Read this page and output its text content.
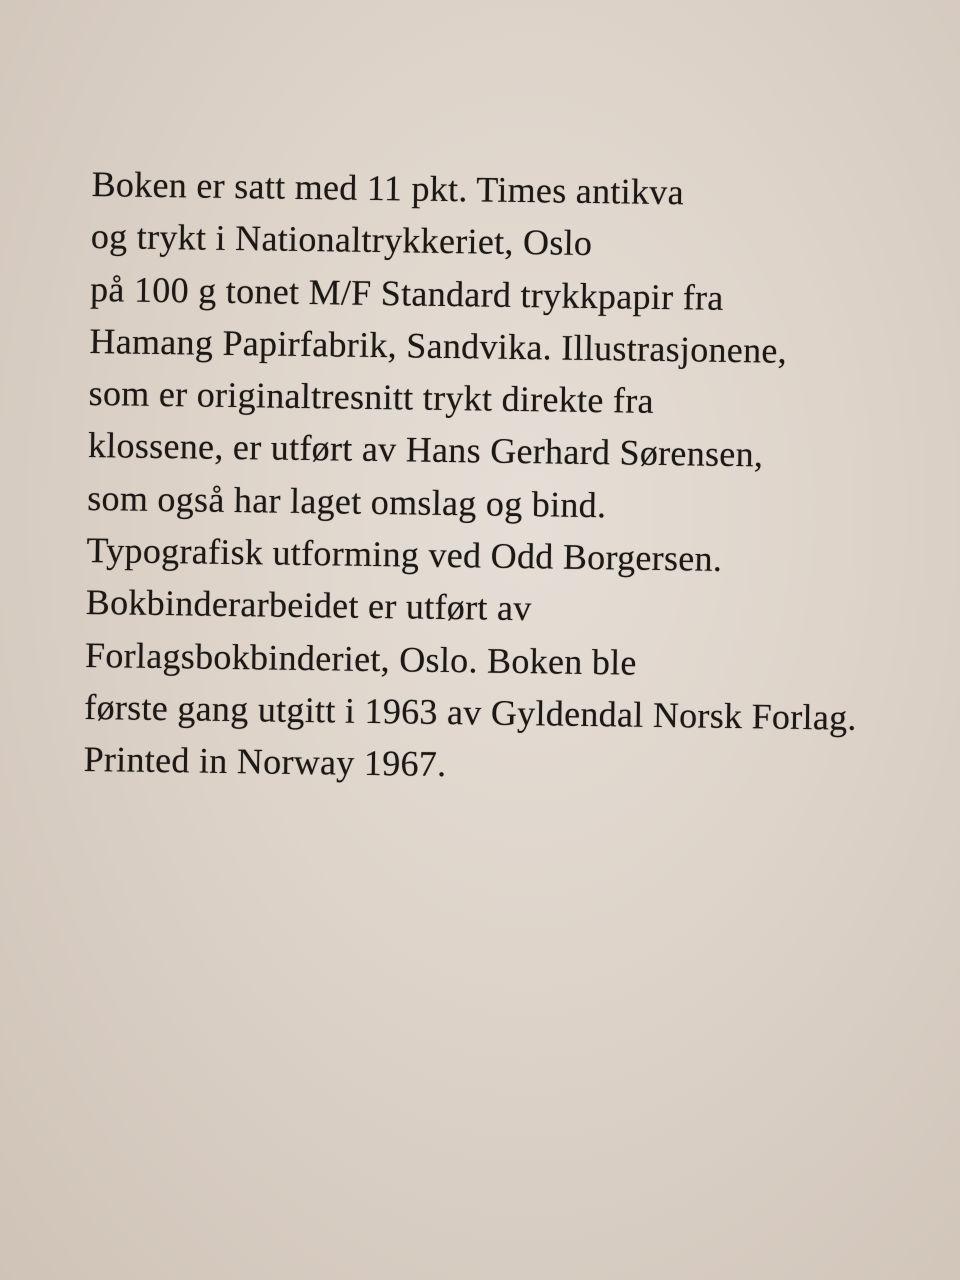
Boken er satt med 11 pkt. Times antikva
og trykt i Nationaltrykkeriet, Oslo
på 100 g tonet M/F Standard trykkpapir fra
Hamang Papirfabrik, Sandvika. Illustrasjonene,
som er originaltresnitt trykt direkte fra
klossene, er utført av Hans Gerhard Sørensen,
som også har laget omslag og bind.
Typografisk utforming ved Odd Borgersen.
Bokbinderarbeidet er utført av
Forlagsbokbinderiet, Oslo. Boken ble
første gang utgitt i 1963 av Gyldendal Norsk Forlag.
Printed in Norway 1967.
